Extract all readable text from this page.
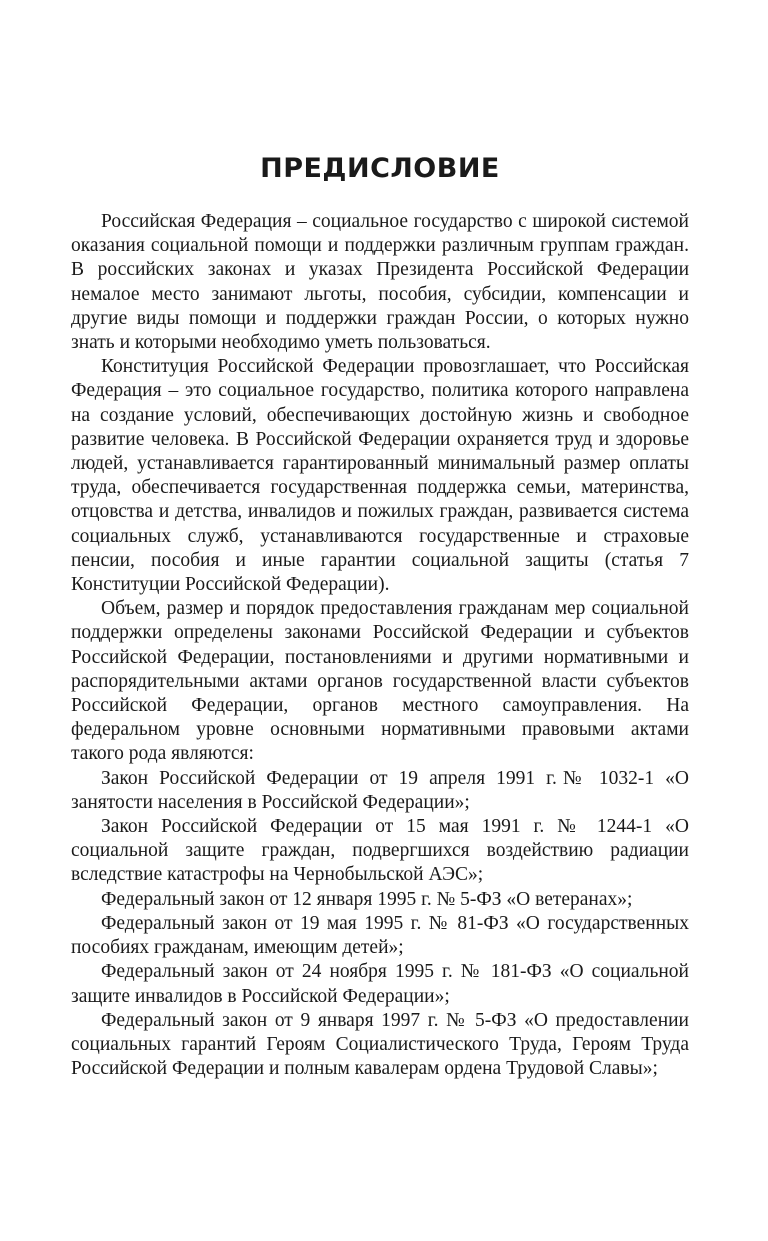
ПРЕДИСЛОВИЕ

Российская Федерация – социальное государство с широкой системой оказания социальной помощи и поддержки различным группам граждан. В российских законах и указах Президента Российской Федерации немалое место занимают льготы, пособия, субсидии, компенсации и другие виды помощи и поддержки граждан России, о которых нужно знать и которыми необходимо уметь пользоваться.

Конституция Российской Федерации провозглашает, что Российская Федерация – это социальное государство, политика которого направлена на создание условий, обеспечивающих достойную жизнь и свободное развитие человека. В Российской Федерации охраняется труд и здоровье людей, устанавливается гарантированный минимальный размер оплаты труда, обеспечивается государственная поддержка семьи, материнства, отцовства и детства, инвалидов и пожилых граждан, развивается система социальных служб, устанавливаются государственные и страховые пенсии, пособия и иные гарантии социальной защиты (статья 7 Конституции Российской Федерации).

Объем, размер и порядок предоставления гражданам мер социальной поддержки определены законами Российской Федерации и субъектов Российской Федерации, постановлениями и другими нормативными и распорядительными актами органов государственной власти субъектов Российской Федерации, органов местного самоуправления. На федеральном уровне основными нормативными правовыми актами такого рода являются:

Закон Российской Федерации от 19 апреля 1991 г.№ 1032-1 «О занятости населения в Российской Федерации»;

Закон Российской Федерации от 15 мая 1991 г. № 1244-1 «О социальной защите граждан, подвергшихся воздействию радиации вследствие катастрофы на Чернобыльской АЭС»;

Федеральный закон от 12 января 1995 г. № 5-ФЗ «О ветеранах»;

Федеральный закон от 19 мая 1995 г. № 81-ФЗ «О государственных пособиях гражданам, имеющим детей»;

Федеральный закон от 24 ноября 1995 г. № 181-ФЗ «О социальной защите инвалидов в Российской Федерации»;

Федеральный закон от 9 января 1997 г. № 5-ФЗ «О предоставлении социальных гарантий Героям Социалистического Труда, Героям Труда Российской Федерации и полным кавалерам ордена Трудовой Славы»;
